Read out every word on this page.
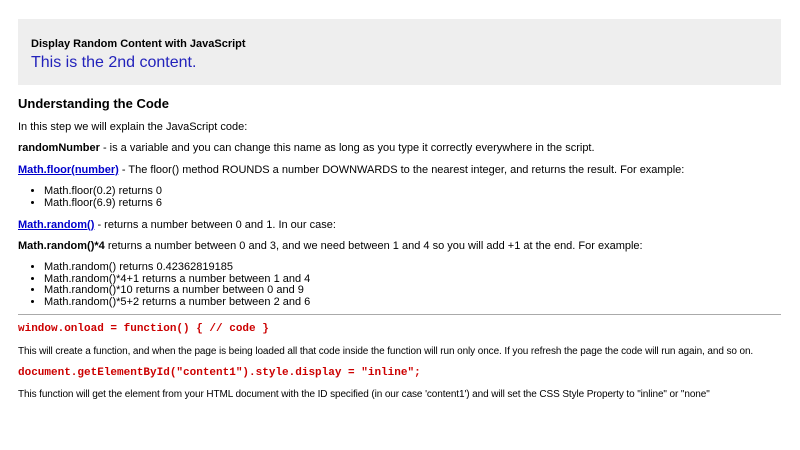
Display Random Content with JavaScript
This is the 2nd content.
Understanding the Code

In this step we will explain the JavaScript code:

randomNumber - is a variable and you can change this name as long as you type it correctly everywhere in the script.

Math.floor(number) - The floor() method ROUNDS a number DOWNWARDS to the nearest integer, and returns the result. For example:

• Math.floor(0.2) returns 0
• Math.floor(6.9) returns 6

Math.random() - returns a number between 0 and 1. In our case:

Math.random()*4 returns a number between 0 and 3, and we need between 1 and 4 so you will add +1 at the end. For example:

• Math.random() returns 0.42362819185
• Math.random()*4+1 returns a number between 1 and 4
• Math.random()*10 returns a number between 0 and 9
• Math.random()*5+2 returns a number between 2 and 6

window.onload = function() { // code }

This will create a function, and when the page is being loaded all that code inside the function will run only once. If you refresh the page the code will run again, and so on.

document.getElementById("content1").style.display = "inline";

This function will get the element from your HTML document with the ID specified (in our case 'content1') and will set the CSS Style Property to "inline" or "none"
